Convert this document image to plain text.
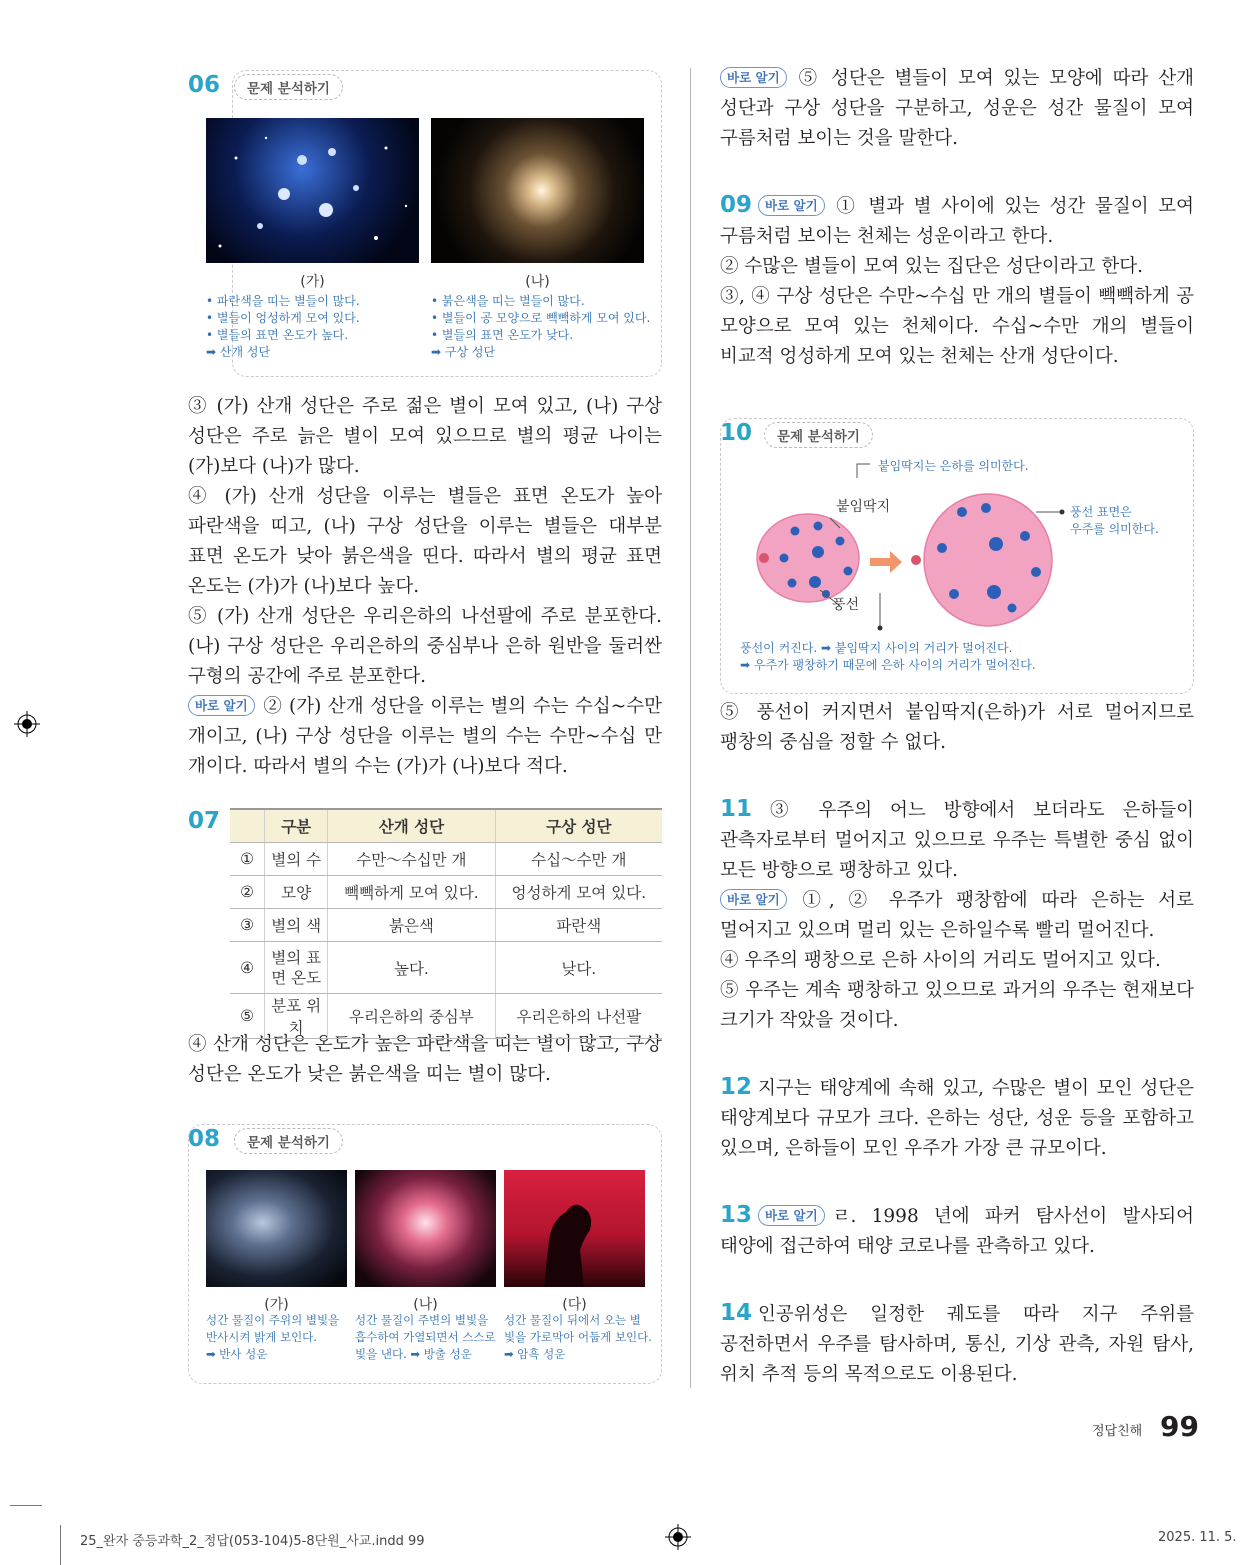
06	문제 분석하기
(가)	(나)
• 파란색을 띠는 별들이 많다.
• 별들이 엉성하게 모여 있다.
• 별들의 표면 온도가 높다.
➡ 산개 성단
• 붉은색을 띠는 별들이 많다.
• 별들이 공 모양으로 빽빽하게 모여 있다.
• 별들의 표면 온도가 낮다.
➡ 구상 성단

③ (가) 산개 성단은 주로 젊은 별이 모여 있고, (나) 구상 성단은 주로 늙은 별이 모여 있으므로 별의 평균 나이는 (가)보다 (나)가 많다.

④ (가) 산개 성단을 이루는 별들은 표면 온도가 높아 파란색을 띠고, (나) 구상 성단을 이루는 별들은 대부분 표면 온도가 낮아 붉은색을 띤다. 따라서 별의 평균 표면 온도는 (가)가 (나)보다 높다.

⑤ (가) 산개 성단은 우리은하의 나선팔에 주로 분포한다. (나) 구상 성단은 우리은하의 중심부나 은하 원반을 둘러싼 구형의 공간에 주로 분포한다.

바로 알기 ② (가) 산개 성단을 이루는 별의 수는 수십~수만 개이고, (나) 구상 성단을 이루는 별의 수는 수만~수십 만 개이다. 따라서 별의 수는 (가)가 (나)보다 적다.

07
		구분	산개 성단	구상 성단
①	별의 수	수만～수십만 개	수십～수만 개
②	모양	빽빽하게 모여 있다.	엉성하게 모여 있다.
③	별의 색	붉은색	파란색
④	별의 표면 온도	높다.	낮다.
⑤	분포 위치	우리은하의 중심부	우리은하의 나선팔

④ 산개 성단은 온도가 높은 파란색을 띠는 별이 많고, 구상 성단은 온도가 낮은 붉은색을 띠는 별이 많다.

08	문제 분석하기
(가)	(나)	(다)
성간 물질이 주위의 별빛을
반사시켜 밝게 보인다.
➡ 반사 성운
성간 물질이 주변의 별빛을
흡수하여 가열되면서 스스로
빛을 낸다. ➡ 방출 성운
성간 물질이 뒤에서 오는 별
빛을 가로막아 어둡게 보인다.
➡ 암흑 성운

바로 알기 ⑤ 성단은 별들이 모여 있는 모양에 따라 산개 성단과 구상 성단을 구분하고, 성운은 성간 물질이 모여 구름처럼 보이는 것을 말한다.

09 바로 알기 ① 별과 별 사이에 있는 성간 물질이 모여 구름처럼 보이는 천체는 성운이라고 한다.

② 수많은 별들이 모여 있는 집단은 성단이라고 한다.

③, ④ 구상 성단은 수만~수십 만 개의 별들이 빽빽하게 공 모양으로 모여 있는 천체이다. 수십~수만 개의 별들이 비교적 엉성하게 모여 있는 천체는 산개 성단이다.

10	문제 분석하기
붙임딱지는 은하를 의미한다.
붙임딱지
풍선
풍선 표면은
우주를 의미한다.
풍선이 커진다. ➡ 붙임딱지 사이의 거리가 멀어진다.
➡ 우주가 팽창하기 때문에 은하 사이의 거리가 멀어진다.

⑤ 풍선이 커지면서 붙임딱지(은하)가 서로 멀어지므로 팽창의 중심을 정할 수 없다.

11 ③ 우주의 어느 방향에서 보더라도 은하들이 관측자로부터 멀어지고 있으므로 우주는 특별한 중심 없이 모든 방향으로 팽창하고 있다.

바로 알기 ①, ② 우주가 팽창함에 따라 은하는 서로 멀어지고 있으며 멀리 있는 은하일수록 빨리 멀어진다.

④ 우주의 팽창으로 은하 사이의 거리도 멀어지고 있다.

⑤ 우주는 계속 팽창하고 있으므로 과거의 우주는 현재보다 크기가 작았을 것이다.

12 지구는 태양계에 속해 있고, 수많은 별이 모인 성단은 태양계보다 규모가 크다. 은하는 성단, 성운 등을 포함하고 있으며, 은하들이 모인 우주가 가장 큰 규모이다.

13 바로 알기 ㄹ. 1998 년에 파커 탐사선이 발사되어 태양에 접근하여 태양 코로나를 관측하고 있다.

14 인공위성은 일정한 궤도를 따라 지구 주위를 공전하면서 우주를 탐사하며, 통신, 기상 관측, 자원 탐사, 위치 추적 등의 목적으로도 이용된다.

정답친해 99
25_완자 중등과학_2_정답(053-104)5-8단원_사교.indd 99	2025. 11. 5.
